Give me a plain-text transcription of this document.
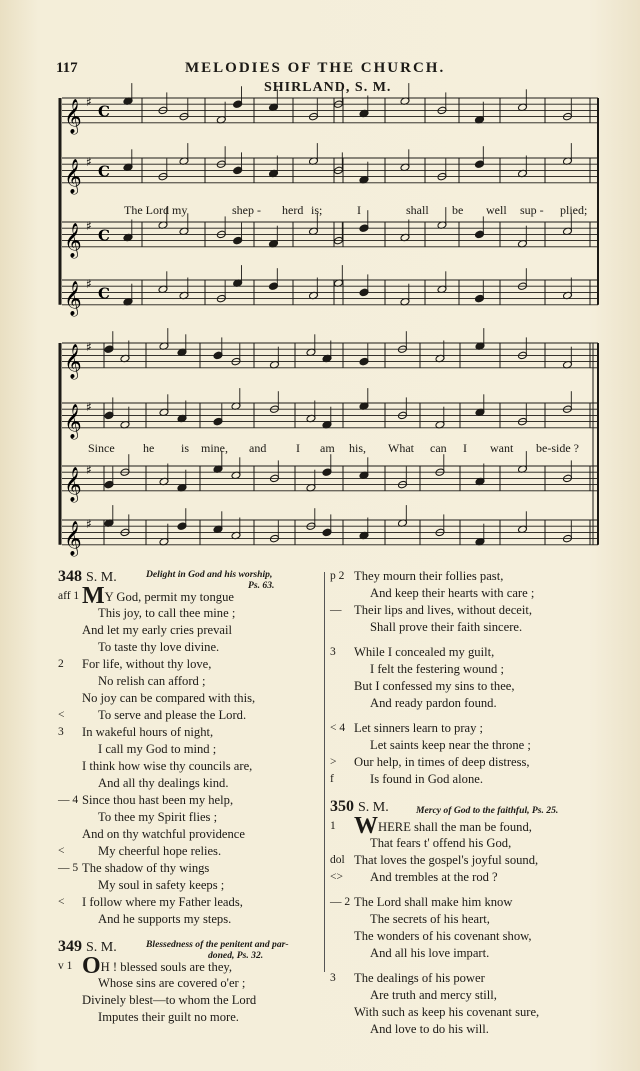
117	MELODIES OF THE CHURCH.
SHIRLAND, S. M.
𝄞 ♯
C
𝄞 ♯
C
𝄞 ♯
C
𝄞 ♯
C
𝄞 ♯
𝄞 ♯
𝄞 ♯
𝄞 ♯
The Lord my	shep - herd is;	I	shall be well sup - plied;
Since he is mine, and I am his, What can I want be-side ?
348 S. M.	Delight in God and his worship,
Ps. 63.
aff 1 MY God, permit my tongue
This joy, to call thee mine ;
And let my early cries prevail
To taste thy love divine.
2 For life, without thy love,
No relish can afford ;
No joy can be compared with this,
<	To serve and please the Lord.
3 In wakeful hours of night,
I call my God to mind ;
I think how wise thy councils are,
And all thy dealings kind.
— 4 Since thou hast been my help,
To thee my Spirit flies ;
And on thy watchful providence
<	My cheerful hope relies.
— 5 The shadow of thy wings
My soul in safety keeps ;
< I follow where my Father leads,
And he supports my steps.
349 S. M.	Blessedness of the penitent and par-
doned, Ps. 32.
v 1 OH ! blessed souls are they,
Whose sins are covered o'er ;
Divinely blest—to whom the Lord
Imputes their guilt no more.
p 2 They mourn their follies past,
And keep their hearts with care ;
— Their lips and lives, without deceit,
Shall prove their faith sincere.
3 While I concealed my guilt,
I felt the festering wound ;
But I confessed my sins to thee,
And ready pardon found.
< 4 Let sinners learn to pray ;
Let saints keep near the throne ;
> Our help, in times of deep distress,
f	Is found in God alone.
350 S. M.	Mercy of God to the faithful, Ps. 25.
1 WHERE shall the man be found,
That fears t' offend his God,
dol That loves the gospel's joyful sound,
<> And trembles at the rod ?
— 2 The Lord shall make him know
The secrets of his heart,
The wonders of his covenant show,
And all his love impart.
3 The dealings of his power
Are truth and mercy still,
With such as keep his covenant sure,
And love to do his will.
